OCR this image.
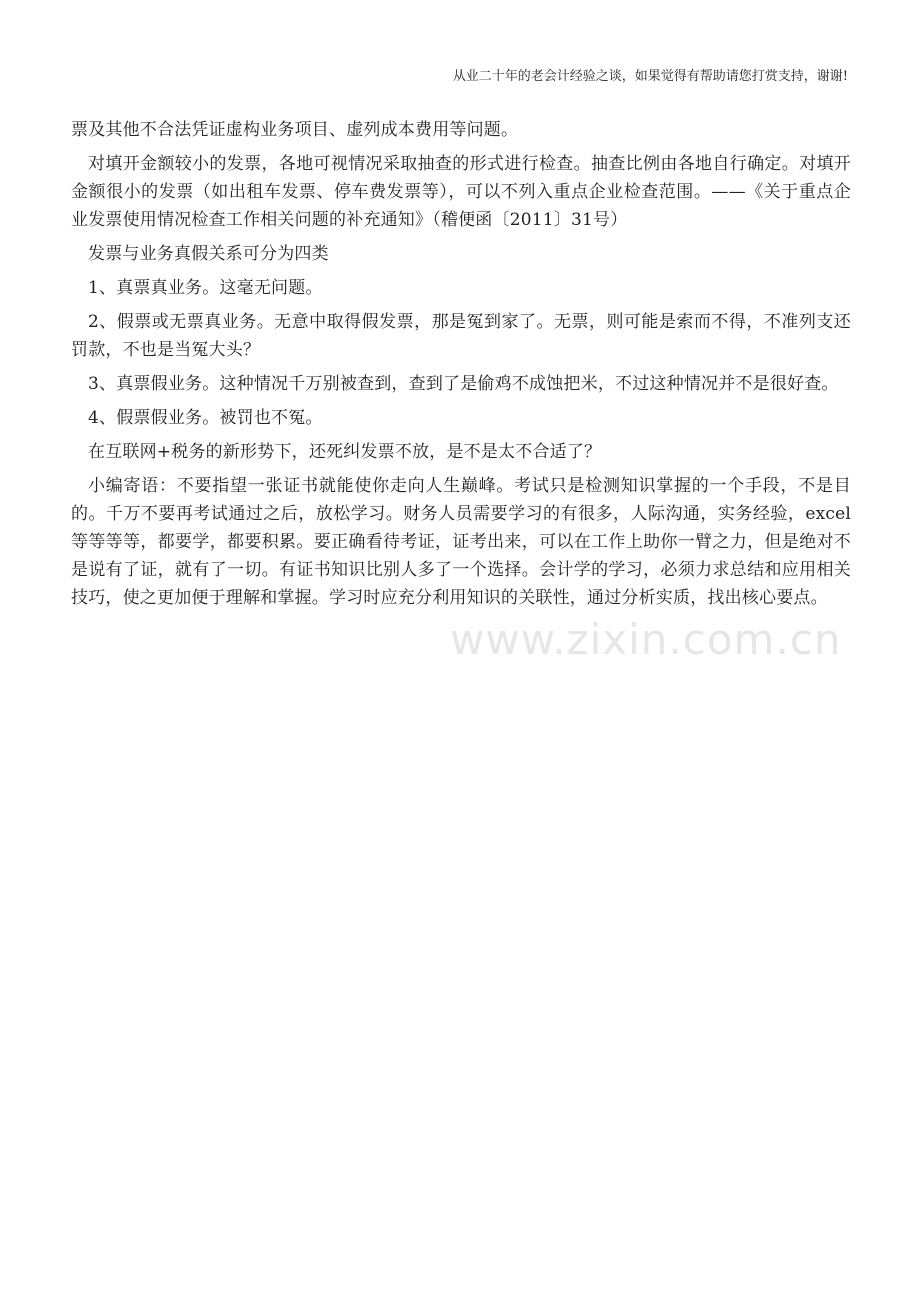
从业二十年的老会计经验之谈，如果觉得有帮助请您打赏支持，谢谢!

票及其他不合法凭证虚构业务项目、虚列成本费用等问题。

对填开金额较小的发票，各地可视情况采取抽查的形式进行检查。抽查比例由各地自行确定。对填开金额很小的发票（如出租车发票、停车费发票等），可以不列入重点企业检查范围。——《关于重点企业发票使用情况检查工作相关问题的补充通知》（稽便函〔2011〕31号）

发票与业务真假关系可分为四类

1、真票真业务。这毫无问题。

2、假票或无票真业务。无意中取得假发票，那是冤到家了。无票，则可能是索而不得，不准列支还罚款，不也是当冤大头？

3、真票假业务。这种情况千万别被查到，查到了是偷鸡不成蚀把米，不过这种情况并不是很好查。

4、假票假业务。被罚也不冤。

在互联网+税务的新形势下，还死纠发票不放，是不是太不合适了？

小编寄语：不要指望一张证书就能使你走向人生巅峰。考试只是检测知识掌握的一个手段，不是目的。千万不要再考试通过之后，放松学习。财务人员需要学习的有很多，人际沟通，实务经验，excel等等等等，都要学，都要积累。要正确看待考证，证考出来，可以在工作上助你一臂之力，但是绝对不是说有了证，就有了一切。有证书知识比别人多了一个选择。会计学的学习，必须力求总结和应用相关技巧，使之更加便于理解和掌握。学习时应充分利用知识的关联性，通过分析实质，找出核心要点。

www.zixin.com.cn
